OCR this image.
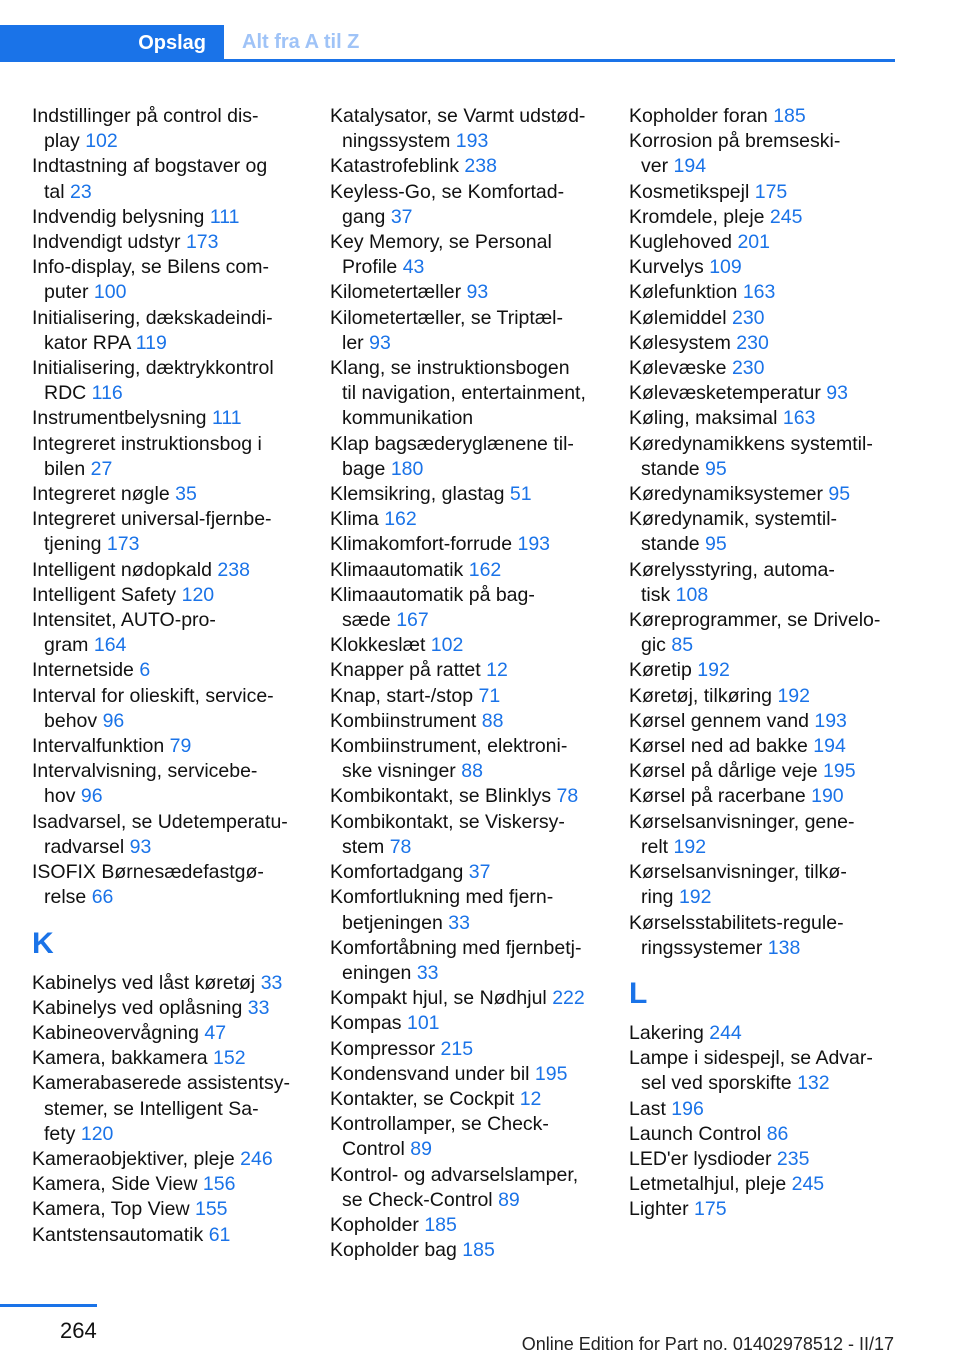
Opslag	Alt fra A til Z
Indstillinger på control dis-
play 102
Indtastning af bogstaver og
tal 23
Indvendig belysning 111
Indvendigt udstyr 173
Info-display, se Bilens com-
puter 100
Initialisering, dækskadeindi-
kator RPA 119
Initialisering, dæktrykkontrol
RDC 116
Instrumentbelysning 111
Integreret instruktionsbog i
bilen 27
Integreret nøgle 35
Integreret universal-fjernbe-
tjening 173
Intelligent nødopkald 238
Intelligent Safety 120
Intensitet, AUTO-pro-
gram 164
Internetside 6
Interval for olieskift, service-
behov 96
Intervalfunktion 79
Intervalvisning, servicebe-
hov 96
Isadvarsel, se Udetemperatu-
radvarsel 93
ISOFIX Børnesædefastgø-
relse 66
K
Kabinelys ved låst køretøj 33
Kabinelys ved oplåsning 33
Kabineovervågning 47
Kamera, bakkamera 152
Kamerabaserede assistentsy-
stemer, se Intelligent Sa-
fety 120
Kameraobjektiver, pleje 246
Kamera, Side View 156
Kamera, Top View 155
Kantstensautomatik 61
Katalysator, se Varmt udstød-
ningssystem 193
Katastrofeblink 238
Keyless-Go, se Komfortad-
gang 37
Key Memory, se Personal
Profile 43
Kilometertæller 93
Kilometertæller, se Triptæl-
ler 93
Klang, se instruktionsbogen
til navigation, entertainment,
kommunikation
Klap bagsæderyglænene til-
bage 180
Klemsikring, glastag 51
Klima 162
Klimakomfort-forrude 193
Klimaautomatik 162
Klimaautomatik på bag-
sæde 167
Klokkeslæt 102
Knapper på rattet 12
Knap, start-/stop 71
Kombiinstrument 88
Kombiinstrument, elektroni-
ske visninger 88
Kombikontakt, se Blinklys 78
Kombikontakt, se Viskersy-
stem 78
Komfortadgang 37
Komfortlukning med fjern-
betjeningen 33
Komfortåbning med fjernbetj-
eningen 33
Kompakt hjul, se Nødhjul 222
Kompas 101
Kompressor 215
Kondensvand under bil 195
Kontakter, se Cockpit 12
Kontrollamper, se Check-
Control 89
Kontrol- og advarselslamper,
se Check-Control 89
Kopholder 185
Kopholder bag 185
Kopholder foran 185
Korrosion på bremseski-
ver 194
Kosmetikspejl 175
Kromdele, pleje 245
Kuglehoved 201
Kurvelys 109
Kølefunktion 163
Kølemiddel 230
Kølesystem 230
Kølevæske 230
Kølevæsketemperatur 93
Køling, maksimal 163
Køredynamikkens systemtil-
stande 95
Køredynamiksystemer 95
Køredynamik, systemtil-
stande 95
Kørelysstyring, automa-
tisk 108
Køreprogrammer, se Drivelo-
gic 85
Køretip 192
Køretøj, tilkøring 192
Kørsel gennem vand 193
Kørsel ned ad bakke 194
Kørsel på dårlige veje 195
Kørsel på racerbane 190
Kørselsanvisninger, gene-
relt 192
Kørselsanvisninger, tilkø-
ring 192
Kørselsstabilitets-regule-
ringssystemer 138
L
Lakering 244
Lampe i sidespejl, se Advar-
sel ved sporskifte 132
Last 196
Launch Control 86
LED'er lysdioder 235
Letmetalhjul, pleje 245
Lighter 175
264
Online Edition for Part no. 01402978512 - II/17
